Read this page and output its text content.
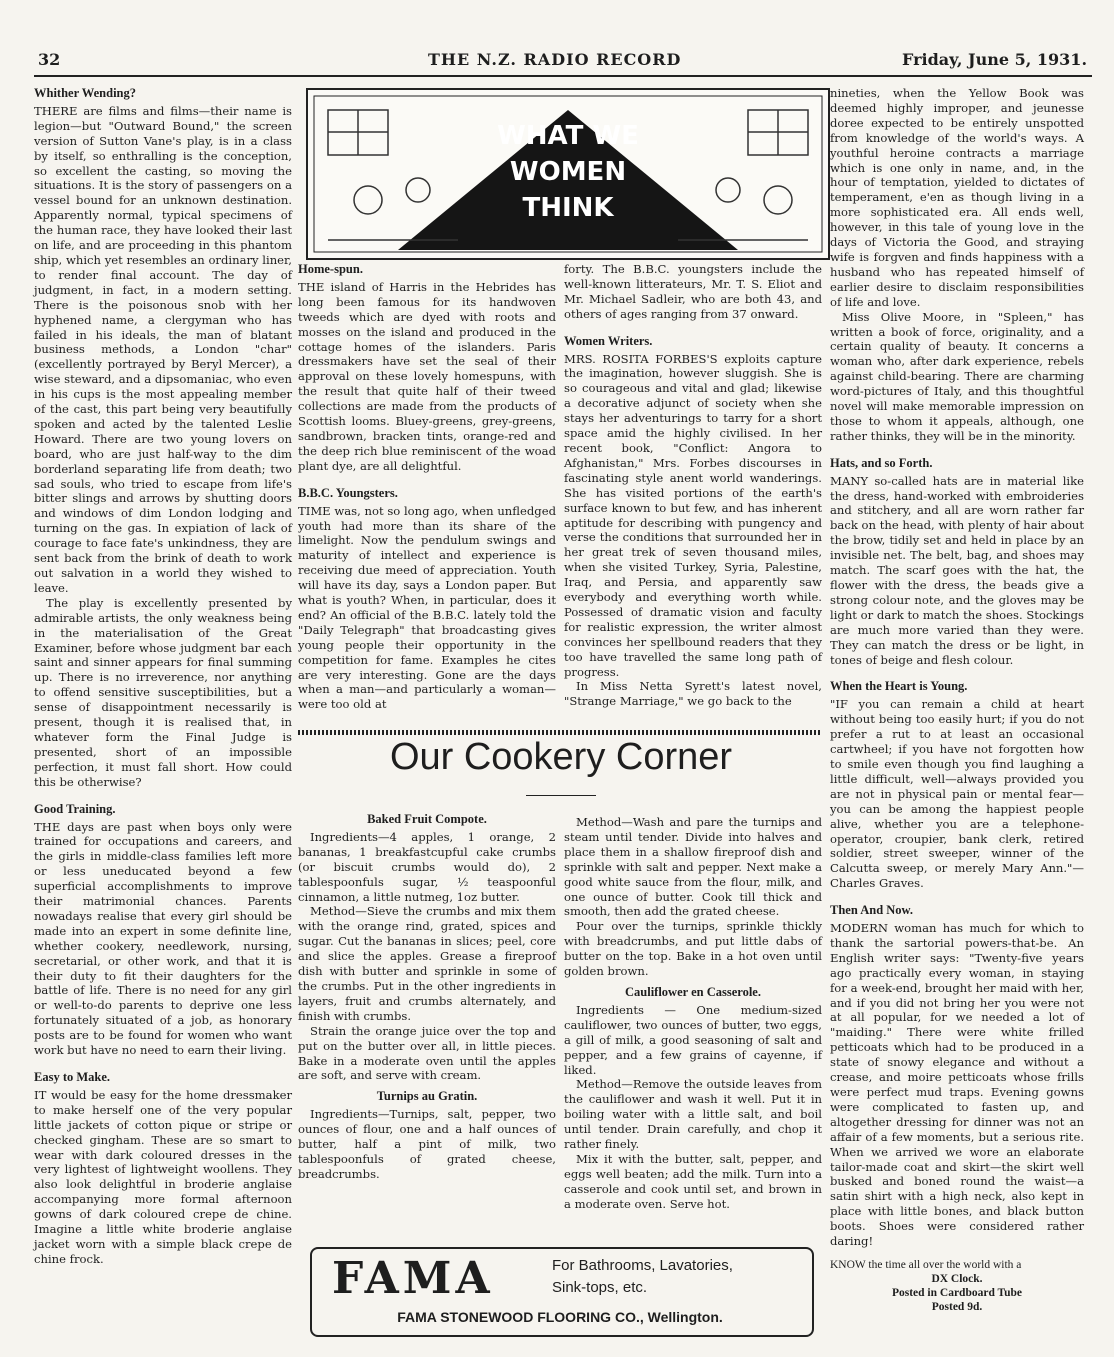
32	THE N.Z. RADIO RECORD	Friday, June 5, 1931.
Whither Wending?

THERE are films and films—their name is legion—but "Outward Bound," the screen version of Sutton Vane's play, is in a class by itself, so enthralling is the conception, so excellent the casting, so moving the situations. It is the story of passengers on a vessel bound for an unknown destination. Apparently normal, typical specimens of the human race, they have looked their last on life, and are proceeding in this phantom ship, which yet resembles an ordinary liner, to render final account. The day of judgment, in fact, in a modern setting. There is the poisonous snob with her hyphened name, a clergyman who has failed in his ideals, the man of blatant business methods, a London "char" (excellently portrayed by Beryl Mercer), a wise steward, and a dipsomaniac, who even in his cups is the most appealing member of the cast, this part being very beautifully spoken and acted by the talented Leslie Howard. There are two young lovers on board, who are just half-way to the dim borderland separating life from death; two sad souls, who tried to escape from life's bitter slings and arrows by shutting doors and windows of dim London lodging and turning on the gas. In expiation of lack of courage to face fate's unkindness, they are sent back from the brink of death to work out salvation in a world they wished to leave.

The play is excellently presented by admirable artists, the only weakness being in the materialisation of the Great Examiner, before whose judgment bar each saint and sinner appears for final summing up. There is no irreverence, nor anything to offend sensitive susceptibilities, but a sense of disappointment necessarily is present, though it is realised that, in whatever form the Final Judge is presented, short of an impossible perfection, it must fall short. How could this be otherwise?

Good Training.

THE days are past when boys only were trained for occupations and careers, and the girls in middle-class families left more or less uneducated beyond a few superficial accomplishments to improve their matrimonial chances. Parents nowadays realise that every girl should be made into an expert in some definite line, whether cookery, needlework, nursing, secretarial, or other work, and that it is their duty to fit their daughters for the battle of life. There is no need for any girl or well-to-do parents to deprive one less fortunately situated of a job, as honorary posts are to be found for women who want work but have no need to earn their living.

Easy to Make.

IT would be easy for the home dressmaker to make herself one of the very popular little jackets of cotton pique or stripe or checked gingham. These are so smart to wear with dark coloured dresses in the very lightest of lightweight woollens. They also look delightful in broderie anglaise accompanying more formal afternoon gowns of dark coloured crepe de chine. Imagine a little white broderie anglaise jacket worn with a simple black crepe de chine frock.

WHAT WE
WOMEN
THINK
Home-spun.

THE island of Harris in the Hebrides has long been famous for its handwoven tweeds which are dyed with roots and mosses on the island and produced in the cottage homes of the islanders. Paris dressmakers have set the seal of their approval on these lovely homespuns, with the result that quite half of their tweed collections are made from the products of Scottish looms. Bluey-greens, grey-greens, sandbrown, bracken tints, orange-red and the deep rich blue reminiscent of the woad plant dye, are all delightful.

B.B.C. Youngsters.

TIME was, not so long ago, when unfledged youth had more than its share of the limelight. Now the pendulum swings and maturity of intellect and experience is receiving due meed of appreciation. Youth will have its day, says a London paper. But what is youth? When, in particular, does it end? An official of the B.B.C. lately told the "Daily Telegraph" that broadcasting gives young people their opportunity in the competition for fame. Examples he cites are very interesting. Gone are the days when a man—and particularly a woman—were too old at

forty. The B.B.C. youngsters include the well-known litterateurs, Mr. T. S. Eliot and Mr. Michael Sadleir, who are both 43, and others of ages ranging from 37 onward.

Women Writers.

MRS. ROSITA FORBES'S exploits capture the imagination, however sluggish. She is so courageous and vital and glad; likewise a decorative adjunct of society when she stays her adventurings to tarry for a short space amid the highly civilised. In her recent book, "Conflict: Angora to Afghanistan," Mrs. Forbes discourses in fascinating style anent world wanderings. She has visited portions of the earth's surface known to but few, and has inherent aptitude for describing with pungency and verse the conditions that surrounded her in her great trek of seven thousand miles, when she visited Turkey, Syria, Palestine, Iraq, and Persia, and apparently saw everybody and everything worth while. Possessed of dramatic vision and faculty for realistic expression, the writer almost convinces her spellbound readers that they too have travelled the same long path of progress.

In Miss Netta Syrett's latest novel, "Strange Marriage," we go back to the

Our Cookery Corner
Baked Fruit Compote.

Ingredients—4 apples, 1 orange, 2 bananas, 1 breakfastcupful cake crumbs (or biscuit crumbs would do), 2 tablespoonfuls sugar, ½ teaspoonful cinnamon, a little nutmeg, 1oz butter.

Method—Sieve the crumbs and mix them with the orange rind, grated, spices and sugar. Cut the bananas in slices; peel, core and slice the apples. Grease a fireproof dish with butter and sprinkle in some of the crumbs. Put in the other ingredients in layers, fruit and crumbs alternately, and finish with crumbs.

Strain the orange juice over the top and put on the butter over all, in little pieces. Bake in a moderate oven until the apples are soft, and serve with cream.

Turnips au Gratin.

Ingredients—Turnips, salt, pepper, two ounces of flour, one and a half ounces of butter, half a pint of milk, two tablespoonfuls of grated cheese, breadcrumbs.

Method—Wash and pare the turnips and steam until tender. Divide into halves and place them in a shallow fireproof dish and sprinkle with salt and pepper. Next make a good white sauce from the flour, milk, and one ounce of butter. Cook till thick and smooth, then add the grated cheese.

Pour over the turnips, sprinkle thickly with breadcrumbs, and put little dabs of butter on the top. Bake in a hot oven until golden brown.

Cauliflower en Casserole.

Ingredients — One medium-sized cauliflower, two ounces of butter, two eggs, a gill of milk, a good seasoning of salt and pepper, and a few grains of cayenne, if liked.

Method—Remove the outside leaves from the cauliflower and wash it well. Put it in boiling water with a little salt, and boil until tender. Drain carefully, and chop it rather finely.

Mix it with the butter, salt, pepper, and eggs well beaten; add the milk. Turn into a casserole and cook until set, and brown in a moderate oven. Serve hot.

FAMA	For Bathrooms, Lavatories,
Sink-tops, etc.
FAMA STONEWOOD FLOORING CO., Wellington.

nineties, when the Yellow Book was deemed highly improper, and jeunesse doree expected to be entirely unspotted from knowledge of the world's ways. A youthful heroine contracts a marriage which is one only in name, and, in the hour of temptation, yielded to dictates of temperament, e'en as though living in a more sophisticated era. All ends well, however, in this tale of young love in the days of Victoria the Good, and straying wife is forgven and finds happiness with a husband who has repeated himself of earlier desire to disclaim responsibilities of life and love.

Miss Olive Moore, in "Spleen," has written a book of force, originality, and a certain quality of beauty. It concerns a woman who, after dark experience, rebels against child-bearing. There are charming word-pictures of Italy, and this thoughtful novel will make memorable impression on those to whom it appeals, although, one rather thinks, they will be in the minority.

Hats, and so Forth.

MANY so-called hats are in material like the dress, hand-worked with embroideries and stitchery, and all are worn rather far back on the head, with plenty of hair about the brow, tidily set and held in place by an invisible net. The belt, bag, and shoes may match. The scarf goes with the hat, the flower with the dress, the beads give a strong colour note, and the gloves may be light or dark to match the shoes. Stockings are much more varied than they were. They can match the dress or be light, in tones of beige and flesh colour.

When the Heart is Young.

"IF you can remain a child at heart without being too easily hurt; if you do not prefer a rut to at least an occasional cartwheel; if you have not forgotten how to smile even though you find laughing a little difficult, well—always provided you are not in physical pain or mental fear—you can be among the happiest people alive, whether you are a telephone-operator, croupier, bank clerk, retired soldier, street sweeper, winner of the Calcutta sweep, or merely Mary Ann."—Charles Graves.

Then And Now.

MODERN woman has much for which to thank the sartorial powers-that-be. An English writer says: "Twenty-five years ago practically every woman, in staying for a week-end, brought her maid with her, and if you did not bring her you were not at all popular, for we needed a lot of "maiding." There were white frilled petticoats which had to be produced in a state of snowy elegance and without a crease, and moire petticoats whose frills were perfect mud traps. Evening gowns were complicated to fasten up, and altogether dressing for dinner was not an affair of a few moments, but a serious rite. When we arrived we wore an elaborate tailor-made coat and skirt—the skirt well busked and boned round the waist—a satin shirt with a high neck, also kept in place with little bones, and black button boots. Shoes were considered rather daring!

KNOW the time all over the world with a
DX Clock.
Posted in Cardboard Tube
Posted 9d.
